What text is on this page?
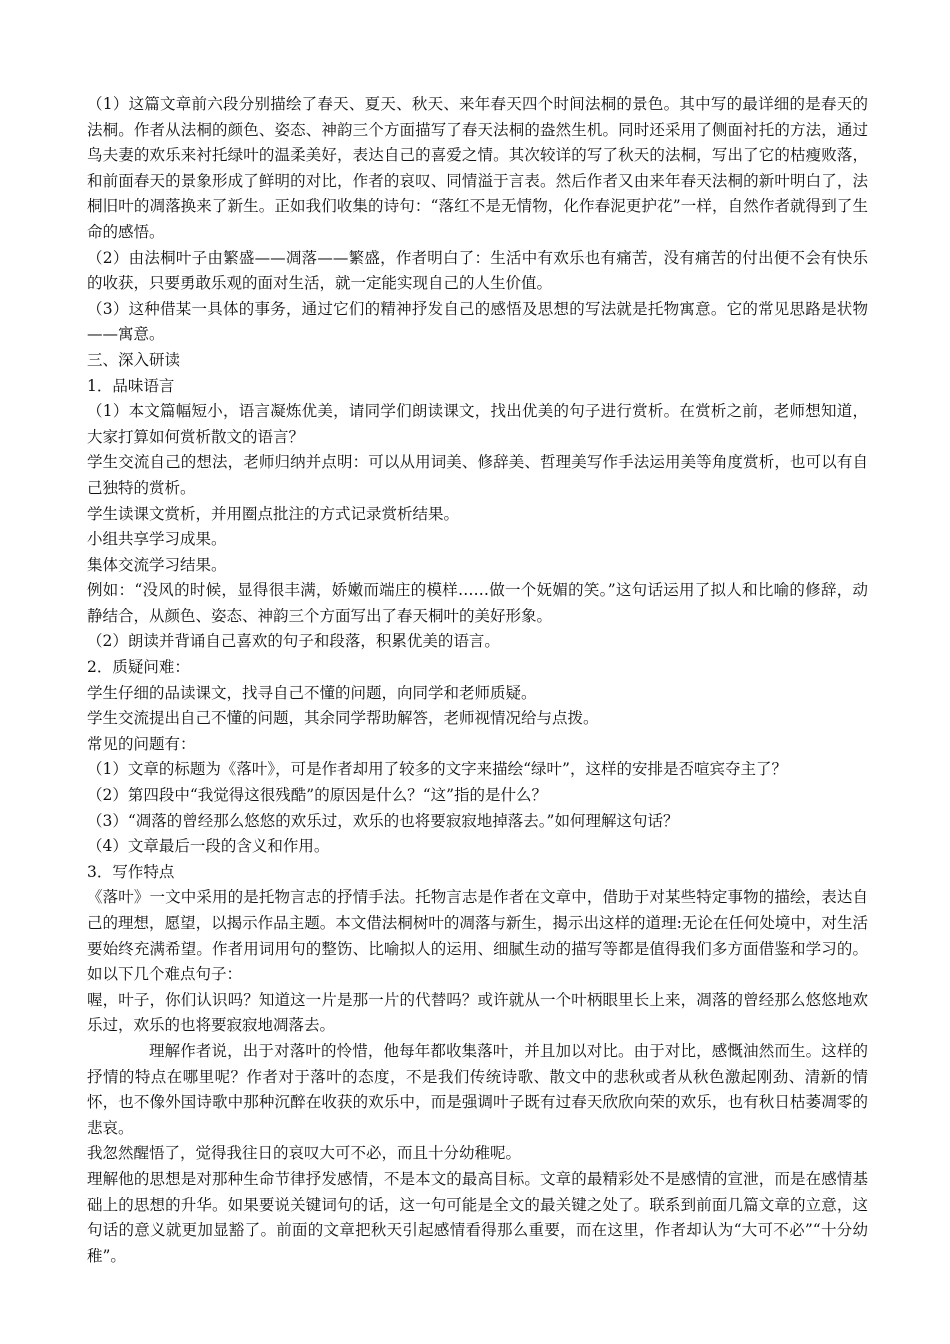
（1）这篇文章前六段分别描绘了春天、夏天、秋天、来年春天四个时间法桐的景色。其中写的最详细的是春天的法桐。作者从法桐的颜色、姿态、神韵三个方面描写了春天法桐的盎然生机。同时还采用了侧面衬托的方法，通过鸟夫妻的欢乐来衬托绿叶的温柔美好，表达自己的喜爱之情。其次较详的写了秋天的法桐，写出了它的枯瘦败落，和前面春天的景象形成了鲜明的对比，作者的哀叹、同情溢于言表。然后作者又由来年春天法桐的新叶明白了，法桐旧叶的凋落换来了新生。正如我们收集的诗句：“落红不是无情物，化作春泥更护花”一样，自然作者就得到了生命的感悟。

（2）由法桐叶子由繁盛——凋落——繁盛，作者明白了：生活中有欢乐也有痛苦，没有痛苦的付出便不会有快乐的收获，只要勇敢乐观的面对生活，就一定能实现自己的人生价值。

（3）这种借某一具体的事务，通过它们的精神抒发自己的感悟及思想的写法就是托物寓意。它的常见思路是状物——寓意。

三、深入研读

1．品味语言

（1）本文篇幅短小，语言凝炼优美，请同学们朗读课文，找出优美的句子进行赏析。在赏析之前，老师想知道，大家打算如何赏析散文的语言？

学生交流自己的想法，老师归纳并点明：可以从用词美、修辞美、哲理美写作手法运用美等角度赏析，也可以有自己独特的赏析。

学生读课文赏析，并用圈点批注的方式记录赏析结果。

小组共享学习成果。

集体交流学习结果。

例如：“没风的时候，显得很丰满，娇嫩而端庄的模样……做一个妩媚的笑。”这句话运用了拟人和比喻的修辞，动静结合，从颜色、姿态、神韵三个方面写出了春天桐叶的美好形象。

（2）朗读并背诵自己喜欢的句子和段落，积累优美的语言。

2．质疑问难：

学生仔细的品读课文，找寻自己不懂的问题，向同学和老师质疑。

学生交流提出自己不懂的问题，其余同学帮助解答，老师视情况给与点拨。

常见的问题有：

（1）文章的标题为《落叶》，可是作者却用了较多的文字来描绘“绿叶”，这样的安排是否喧宾夺主了？

（2）第四段中“我觉得这很残酷”的原因是什么？“这”指的是什么？

（3）“凋落的曾经那么悠悠的欢乐过，欢乐的也将要寂寂地掉落去。”如何理解这句话？

（4）文章最后一段的含义和作用。

3．写作特点

《落叶》一文中采用的是托物言志的抒情手法。托物言志是作者在文章中，借助于对某些特定事物的描绘，表达自己的理想，愿望，以揭示作品主题。本文借法桐树叶的凋落与新生，揭示出这样的道理:无论在任何处境中，对生活要始终充满希望。作者用词用句的整饬、比喻拟人的运用、细腻生动的描写等都是值得我们多方面借鉴和学习的。如以下几个难点句子：

喔，叶子，你们认识吗？知道这一片是那一片的代替吗？或许就从一个叶柄眼里长上来，凋落的曾经那么悠悠地欢乐过，欢乐的也将要寂寂地凋落去。

理解作者说，出于对落叶的怜惜，他每年都收集落叶，并且加以对比。由于对比，感慨油然而生。这样的抒情的特点在哪里呢？作者对于落叶的态度，不是我们传统诗歌、散文中的悲秋或者从秋色激起刚劲、清新的情怀，也不像外国诗歌中那种沉醉在收获的欢乐中，而是强调叶子既有过春天欣欣向荣的欢乐，也有秋日枯萎凋零的悲哀。

我忽然醒悟了，觉得我往日的哀叹大可不必，而且十分幼稚呢。

理解他的思想是对那种生命节律抒发感情，不是本文的最高目标。文章的最精彩处不是感情的宣泄，而是在感情基础上的思想的升华。如果要说关键词句的话，这一句可能是全文的最关键之处了。联系到前面几篇文章的立意，这句话的意义就更加显豁了。前面的文章把秋天引起感情看得那么重要，而在这里，作者却认为“大可不必”“十分幼稚”。
